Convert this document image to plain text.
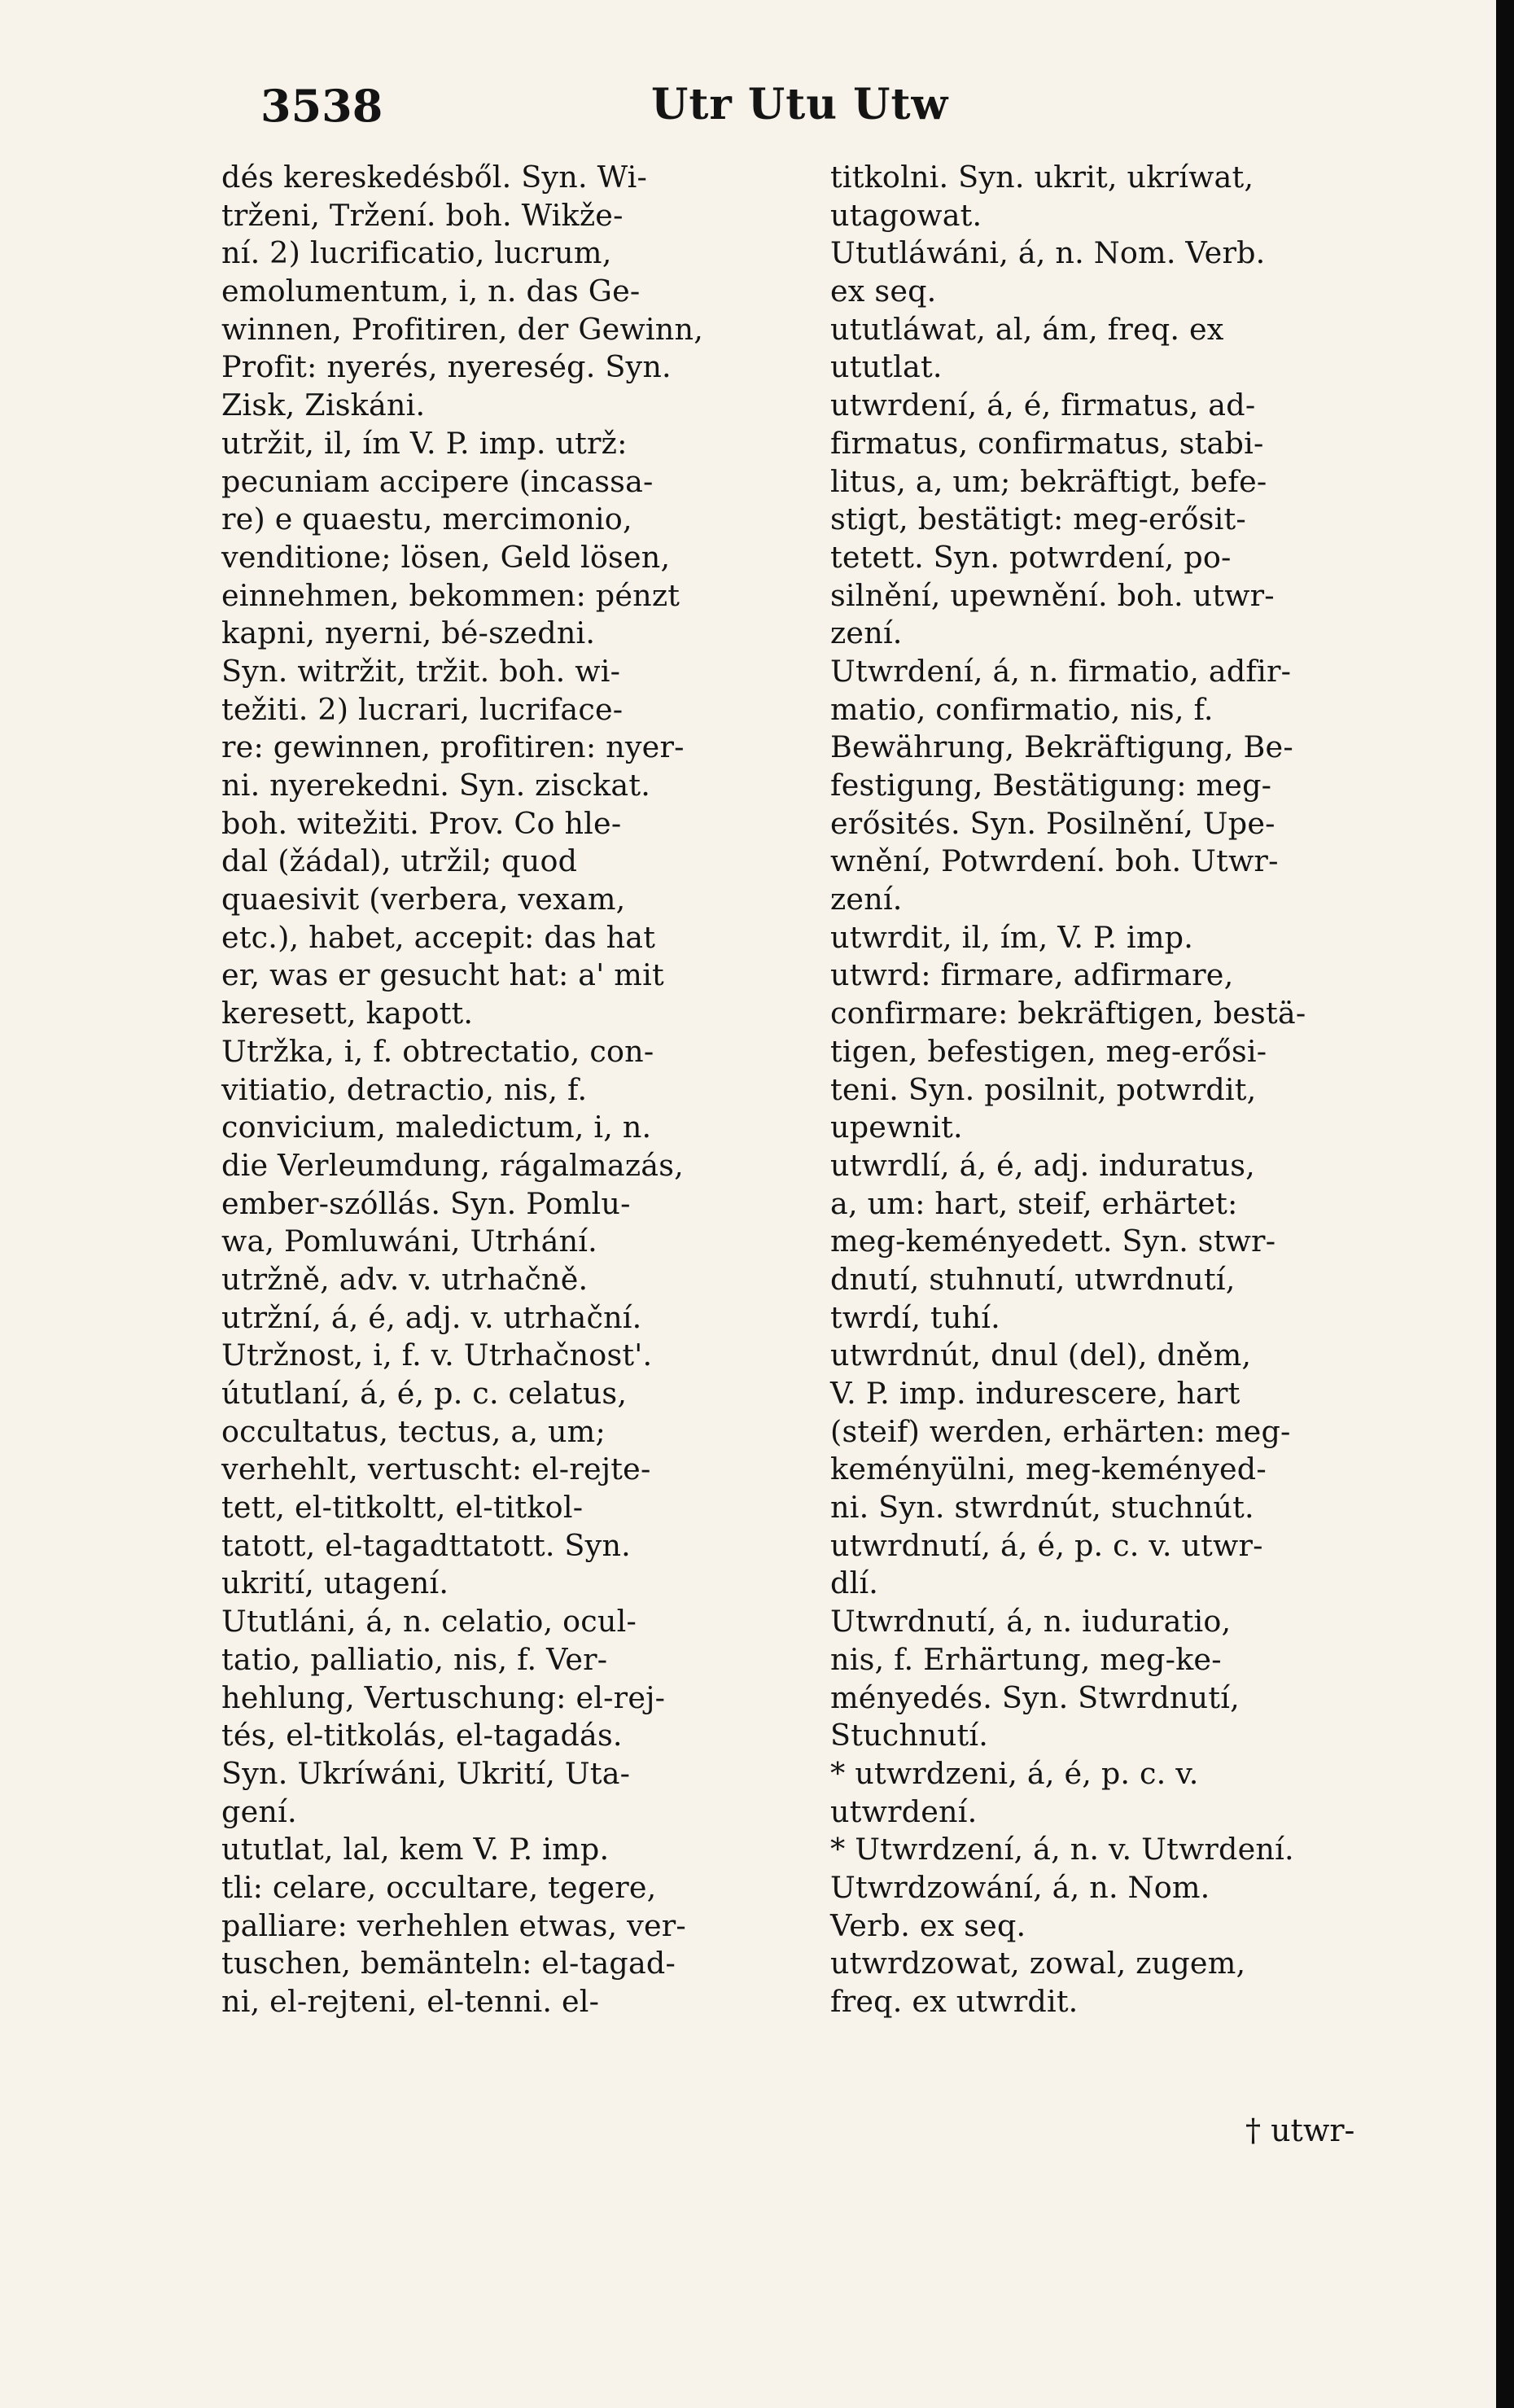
3538	Utr Utu Utw
dés kereskedésből. Syn. Wi-
trženi, Tržení. boh. Wikže-
ní. 2) lucrificatio, lucrum,
emolumentum, i, n. das Ge-
winnen, Profitiren, der Gewinn,
Profit: nyerés, nyereség. Syn.
Zisk, Ziskáni.
utržit, il, ím V. P. imp. utrž:
pecuniam accipere (incassa-
re) e quaestu, mercimonio,
venditione; lösen, Geld lösen,
einnehmen, bekommen: pénzt
kapni, nyerni, bé-szedni.
Syn. witržit, tržit. boh. wi-
težiti. 2) lucrari, lucriface-
re: gewinnen, profitiren: nyer-
ni. nyerekedni. Syn. zisckat.
boh. witežiti. Prov. Co hle-
dal (žádal), utržil; quod
quaesivit (verbera, vexam,
etc.), habet, accepit: das hat
er, was er gesucht hat: a' mit
keresett, kapott.
Utržka, i, f. obtrectatio, con-
vitiatio, detractio, nis, f.
convicium, maledictum, i, n.
die Verleumdung, rágalmazás,
ember-szóllás. Syn. Pomlu-
wa, Pomluwáni, Utrhání.
utržně, adv. v. utrhačně.
utržní, á, é, adj. v. utrhační.
Utržnost, i, f. v. Utrhačnost'.
útutlaní, á, é, p. c. celatus,
occultatus, tectus, a, um;
verhehlt, vertuscht: el-rejte-
tett, el-titkoltt, el-titkol-
tatott, el-tagadttatott. Syn.
ukrití, utagení.
Ututláni, á, n. celatio, ocul-
tatio, palliatio, nis, f. Ver-
hehlung, Vertuschung: el-rej-
tés, el-titkolás, el-tagadás.
Syn. Ukríwáni, Ukrití, Uta-
gení.
ututlat, lal, kem V. P. imp.
tli: celare, occultare, tegere,
palliare: verhehlen etwas, ver-
tuschen, bemänteln: el-tagad-
ni, el-rejteni, el-tenni. el-
titkolni. Syn. ukrit, ukríwat,
utagowat.
Ututláwáni, á, n. Nom. Verb.
ex seq.
ututláwat, al, ám, freq. ex
ututlat.
utwrdení, á, é, firmatus, ad-
firmatus, confirmatus, stabi-
litus, a, um; bekräftigt, befe-
stigt, bestätigt: meg-erősit-
tetett. Syn. potwrdení, po-
silnění, upewnění. boh. utwr-
zení.
Utwrdení, á, n. firmatio, adfir-
matio, confirmatio, nis, f.
Bewährung, Bekräftigung, Be-
festigung, Bestätigung: meg-
erősités. Syn. Posilnění, Upe-
wnění, Potwrdení. boh. Utwr-
zení.
utwrdit, il, ím, V. P. imp.
utwrd: firmare, adfirmare,
confirmare: bekräftigen, bestä-
tigen, befestigen, meg-erősi-
teni. Syn. posilnit, potwrdit,
upewnit.
utwrdlí, á, é, adj. induratus,
a, um: hart, steif, erhärtet:
meg-keményedett. Syn. stwr-
dnutí, stuhnutí, utwrdnutí,
twrdí, tuhí.
utwrdnút, dnul (del), dněm,
V. P. imp. indurescere, hart
(steif) werden, erhärten: meg-
keményülni, meg-keményed-
ni. Syn. stwrdnút, stuchnút.
utwrdnutí, á, é, p. c. v. utwr-
dlí.
Utwrdnutí, á, n. iuduratio,
nis, f. Erhärtung, meg-ke-
ményedés. Syn. Stwrdnutí,
Stuchnutí.
* utwrdzeni, á, é, p. c. v.
utwrdení.
* Utwrdzení, á, n. v. Utwrdení.
Utwrdzowání, á, n. Nom.
Verb. ex seq.
utwrdzowat, zowal, zugem,
freq. ex utwrdit.
† utwr-
